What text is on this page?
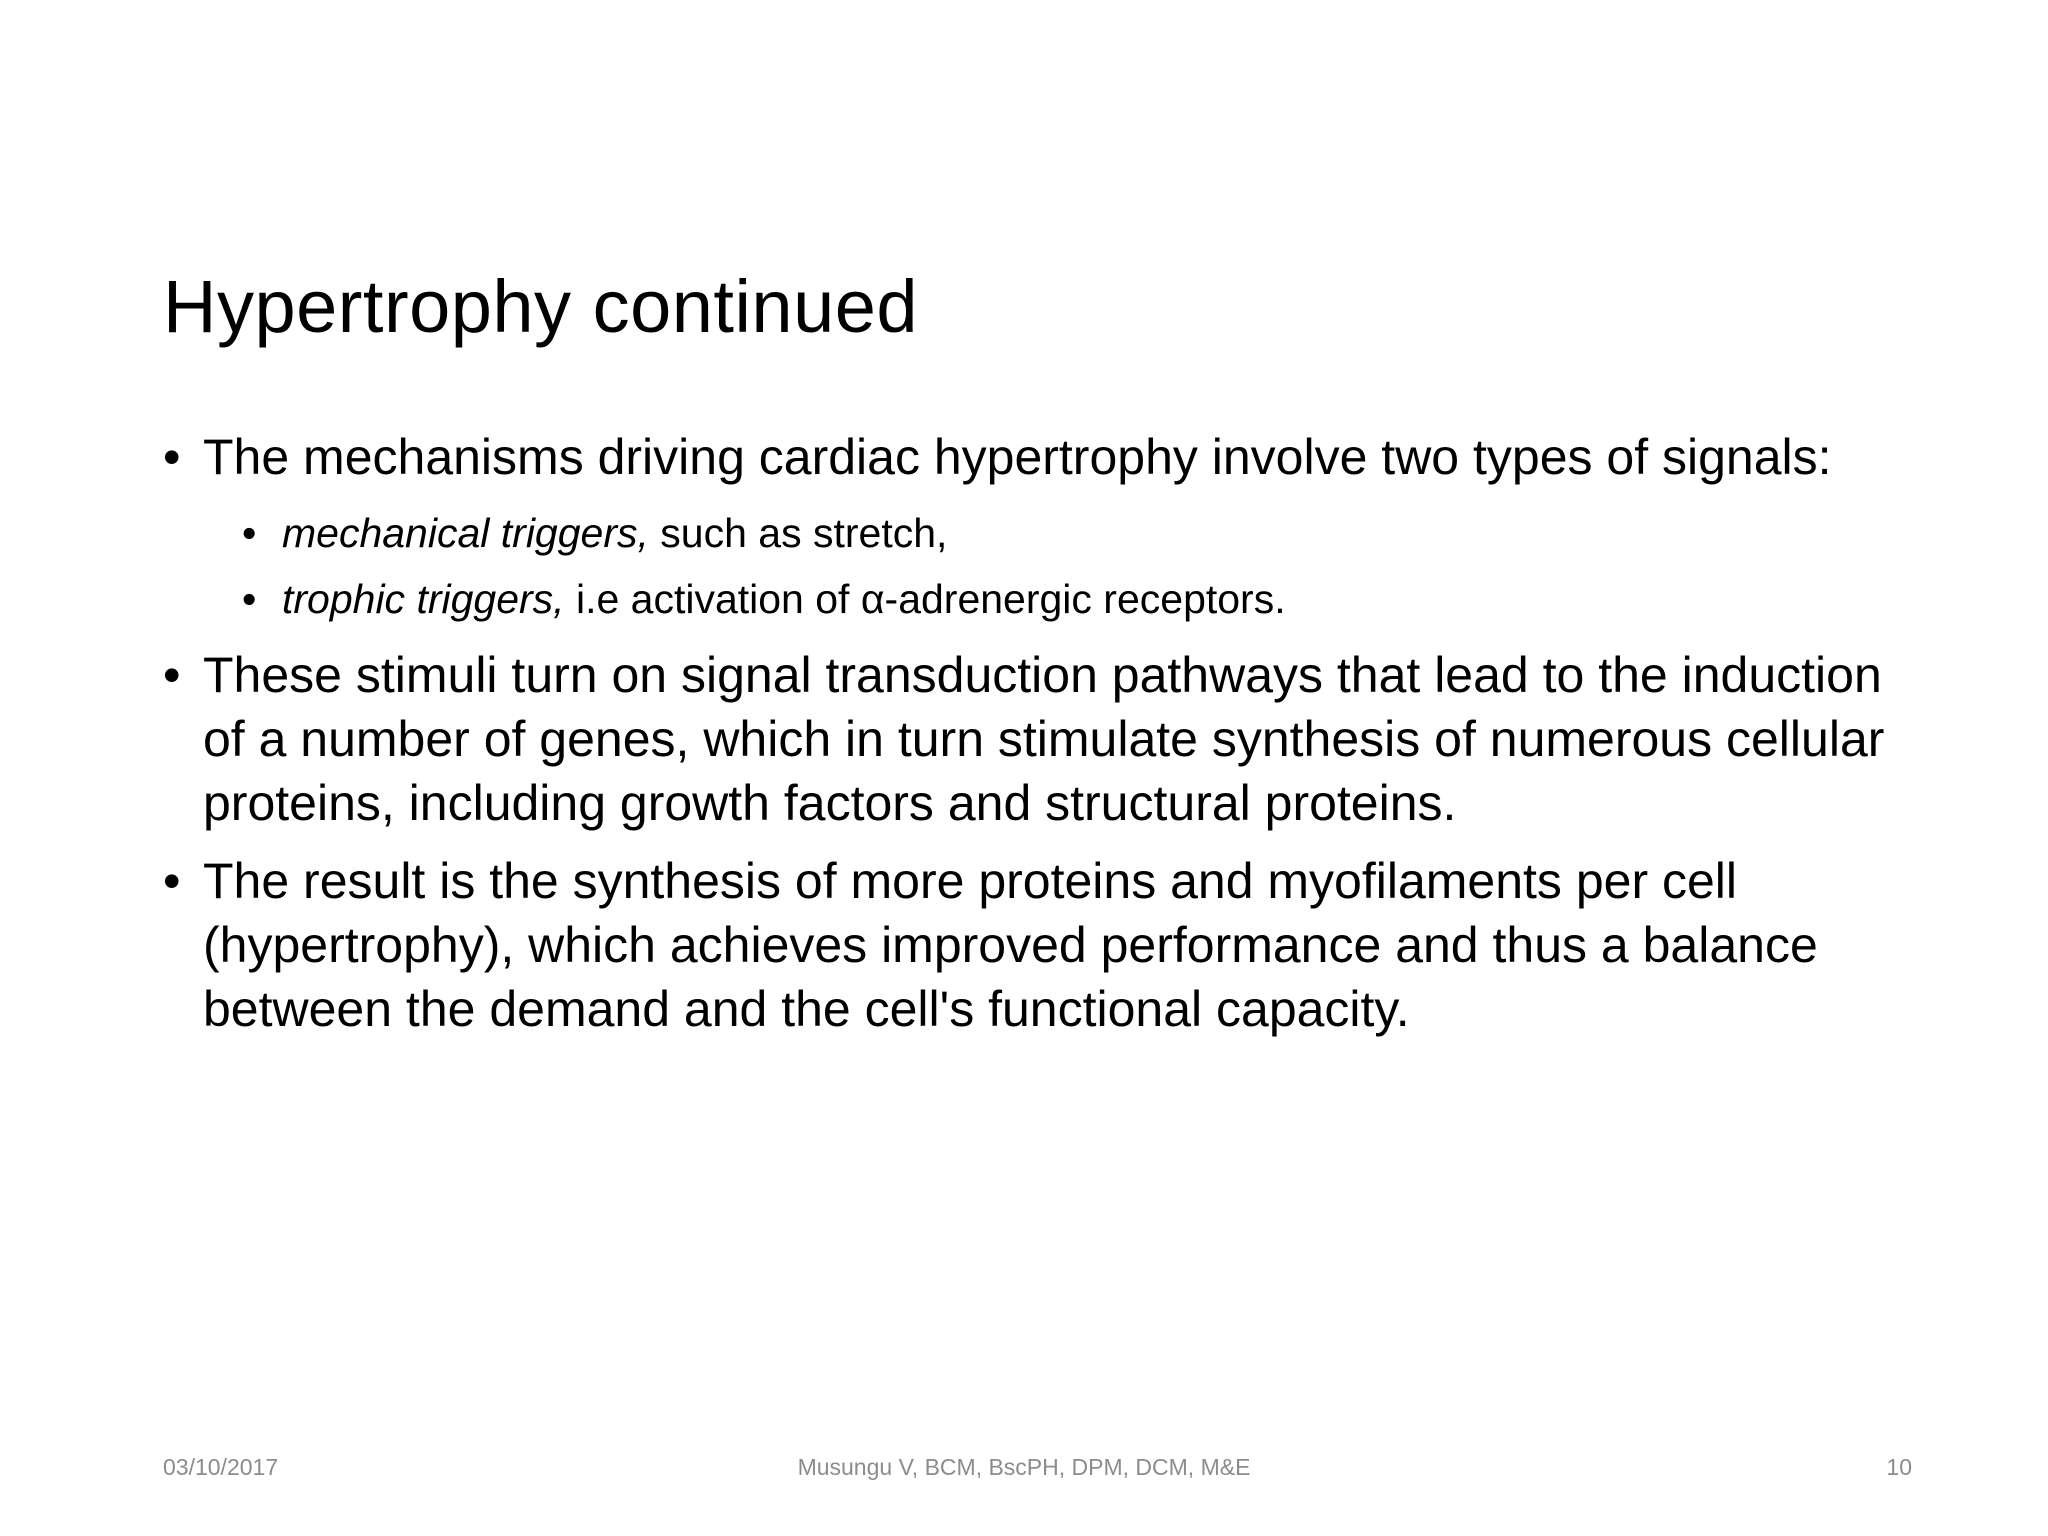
Hypertrophy continued
• The mechanisms driving cardiac hypertrophy involve two types of signals:
• mechanical triggers, such as stretch,
• trophic triggers, i.e activation of α-adrenergic receptors.
• These stimuli turn on signal transduction pathways that lead to the induction of a number of genes, which in turn stimulate synthesis of numerous cellular proteins, including growth factors and structural proteins.
• The result is the synthesis of more proteins and myofilaments per cell (hypertrophy), which achieves improved performance and thus a balance between the demand and the cell's functional capacity.
03/10/2017	Musungu V, BCM, BscPH, DPM, DCM, M&E	10
